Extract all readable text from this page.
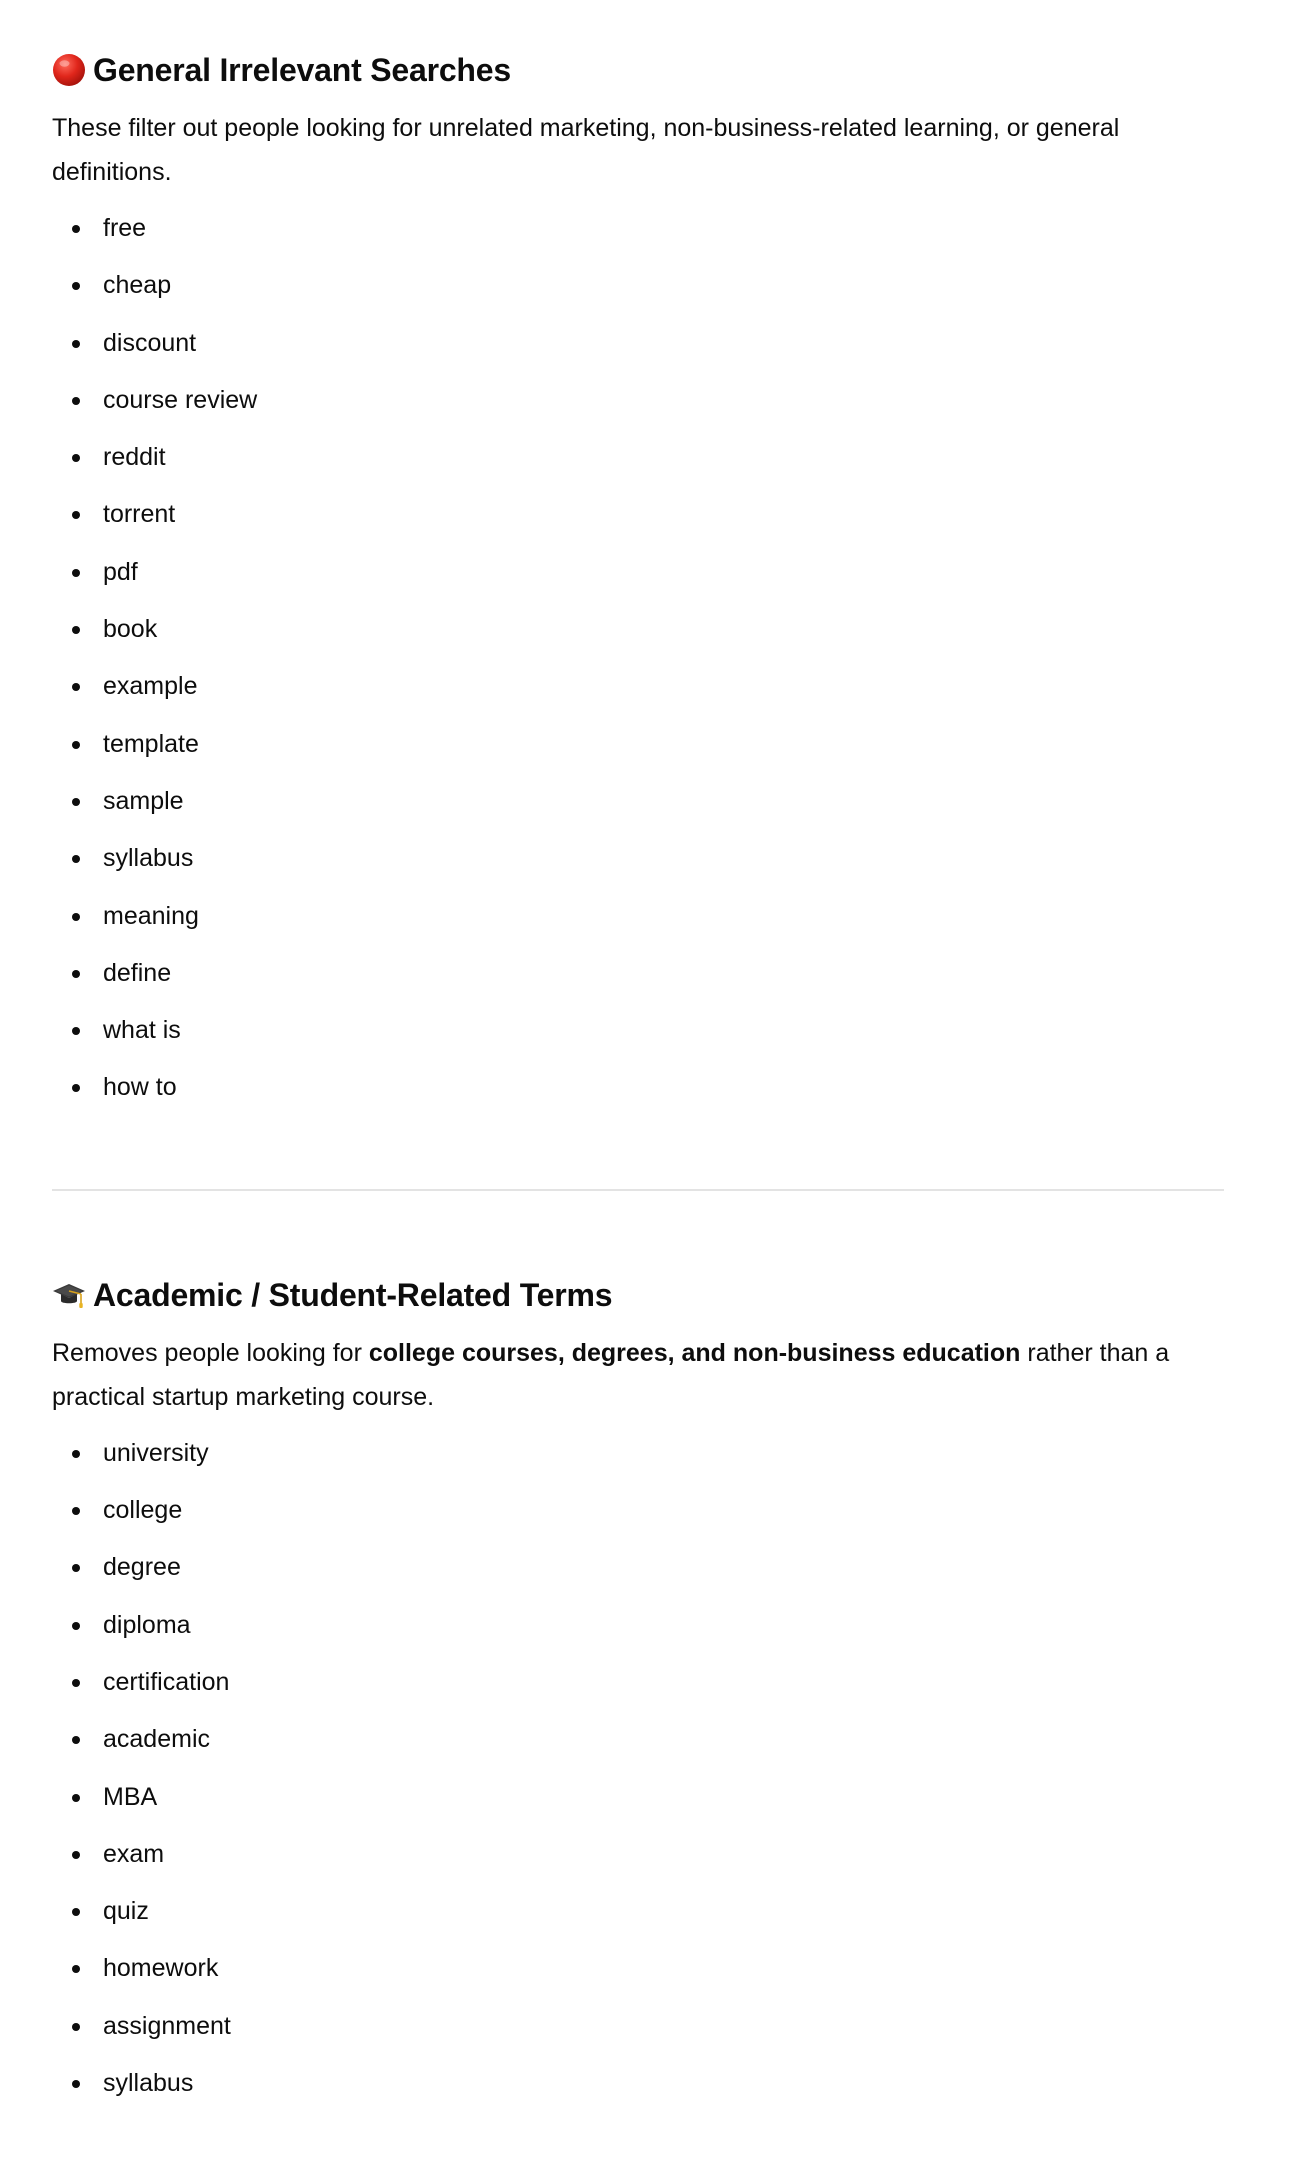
General Irrelevant Searches

These filter out people looking for unrelated marketing, non-business-related learning, or general definitions.

free
cheap
discount
course review
reddit
torrent
pdf
book
example
template
sample
syllabus
meaning
define
what is
how to
Academic / Student-Related Terms

Removes people looking for college courses, degrees, and non-business education rather than a practical startup marketing course.

university
college
degree
diploma
certification
academic
MBA
exam
quiz
homework
assignment
syllabus
